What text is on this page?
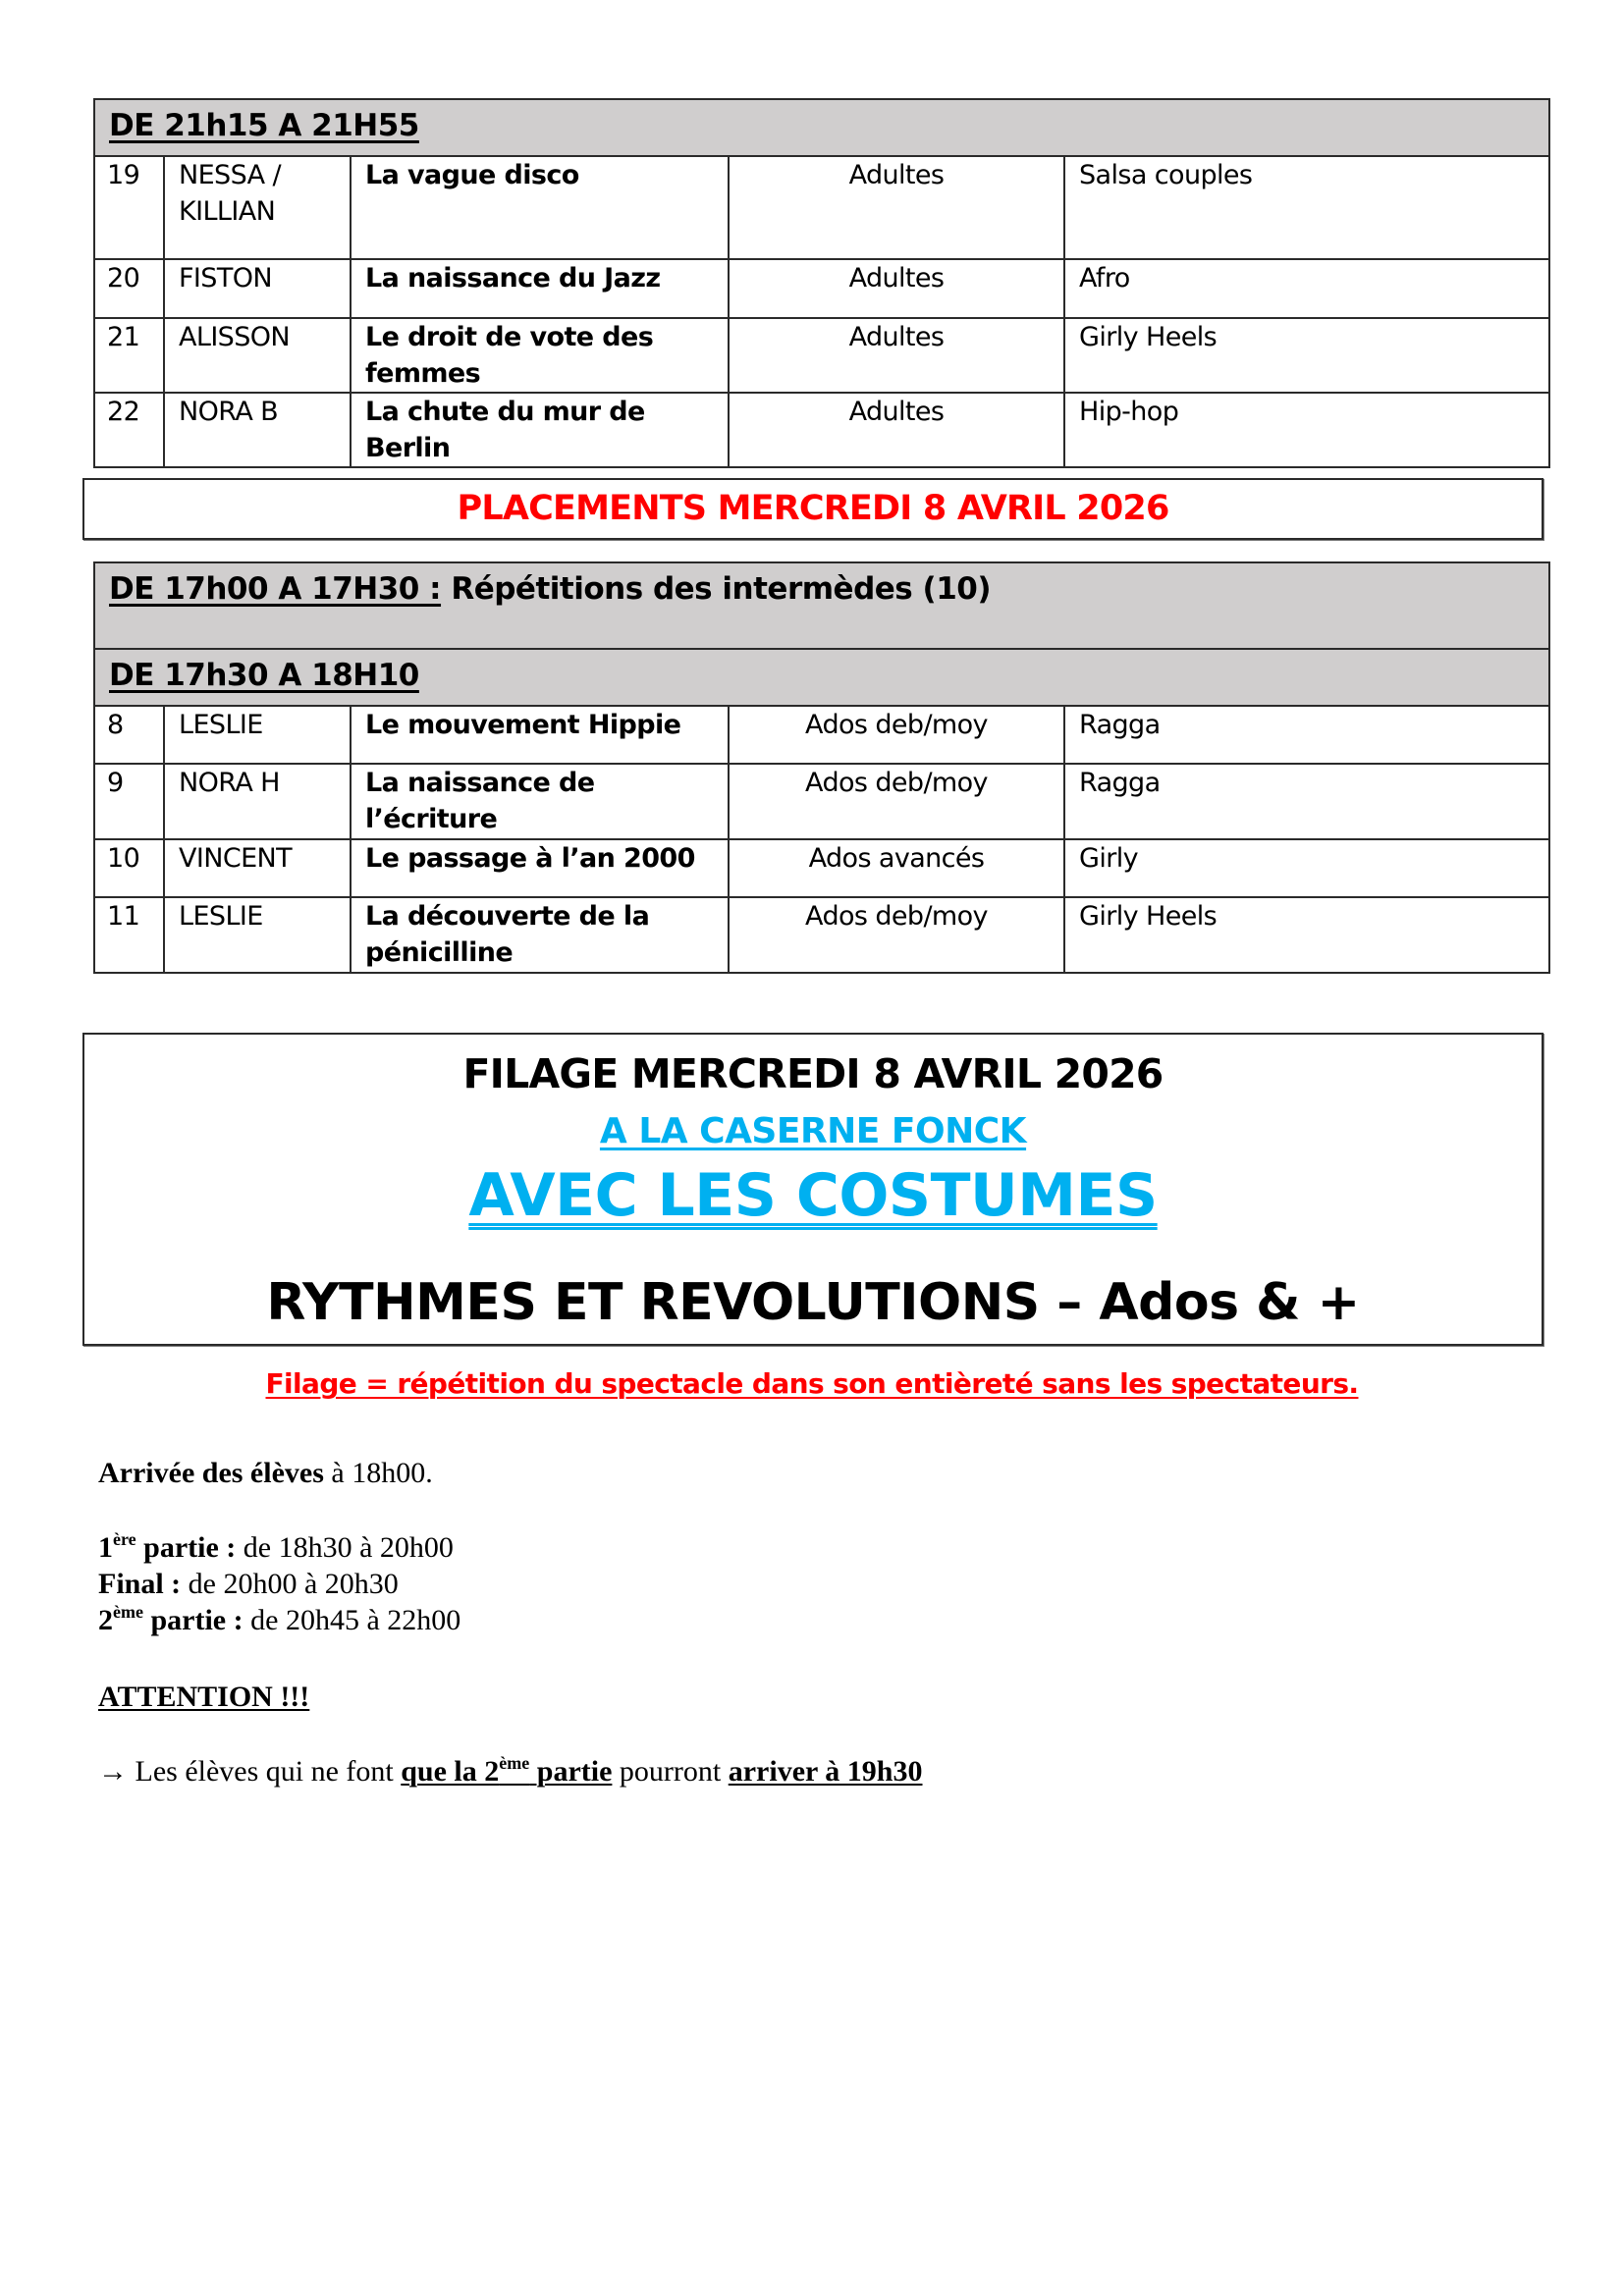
DE 21h15 A 21H55				
19	NESSA / KILLIAN	La vague disco	Adultes	Salsa couples
20	FISTON	La naissance du Jazz	Adultes	Afro
21	ALISSON	Le droit de vote des femmes	Adultes	Girly Heels
22	NORA B	La chute du mur de Berlin	Adultes	Hip-hop
PLACEMENTS MERCREDI 8 AVRIL 2026
DE 17h00 A 17H30 : Répétitions des intermèdes (10)				
DE 17h30 A 18H10				
8	LESLIE	Le mouvement Hippie	Ados deb/moy	Ragga
9	NORA H	La naissance de l’écriture	Ados deb/moy	Ragga
10	VINCENT	Le passage à l’an 2000	Ados avancés	Girly
11	LESLIE	La découverte de la pénicilline	Ados deb/moy	Girly Heels
FILAGE MERCREDI 8 AVRIL 2026
A LA CASERNE FONCK
AVEC LES COSTUMES
RYTHMES ET REVOLUTIONS – Ados & +
Filage = répétition du spectacle dans son entièreté sans les spectateurs.
Arrivée des élèves à 18h00.
1ère partie : de 18h30 à 20h00
Final : de 20h00 à 20h30
2ème partie : de 20h45 à 22h00
ATTENTION !!!
→ Les élèves qui ne font que la 2ème partie pourront arriver à 19h30
